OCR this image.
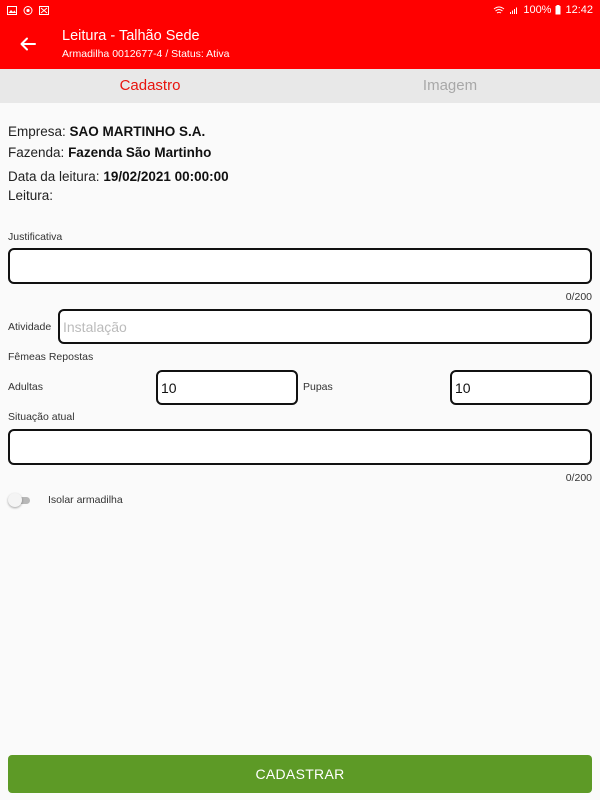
100% 12:42
Leitura - Talhão Sede
Armadilha 0012677-4 / Status: Ativa
Cadastro	Imagem
Empresa: SAO MARTINHO S.A.
Fazenda: Fazenda São Martinho
Data da leitura: 19/02/2021 00:00:00
Leitura:
Justificativa
0/200
Atividade
Instalação
Fêmeas Repostas
Adultas
10	Pupas
10
Situação atual
0/200
Isolar armadilha
CADASTRAR
